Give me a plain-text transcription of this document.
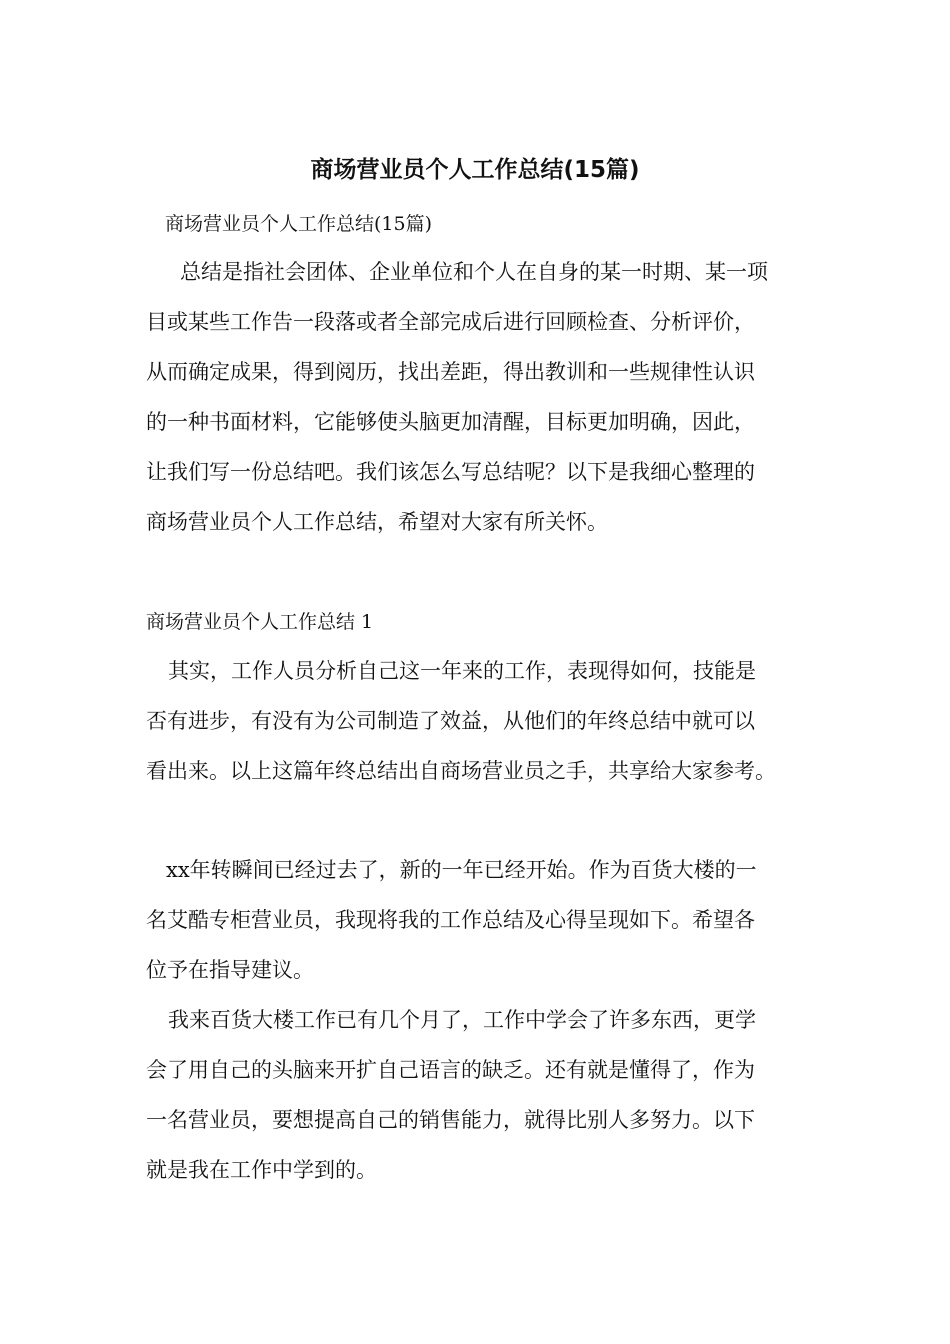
商场营业员个人工作总结(15篇)

商场营业员个人工作总结(15篇)

总结是指社会团体、企业单位和个人在自身的某一时期、某一项
目或某些工作告一段落或者全部完成后进行回顾检查、分析评价，
从而确定成果，得到阅历，找出差距，得出教训和一些规律性认识
的一种书面材料，它能够使头脑更加清醒，目标更加明确，因此，
让我们写一份总结吧。我们该怎么写总结呢？以下是我细心整理的
商场营业员个人工作总结，希望对大家有所关怀。

商场营业员个人工作总结 1

其实，工作人员分析自己这一年来的工作，表现得如何，技能是
否有进步，有没有为公司制造了效益，从他们的年终总结中就可以
看出来。以上这篇年终总结出自商场营业员之手，共享给大家参考。
xx年转瞬间已经过去了，新的一年已经开始。作为百货大楼的一
名艾酷专柜营业员，我现将我的工作总结及心得呈现如下。希望各
位予在指导建议。
我来百货大楼工作已有几个月了，工作中学会了许多东西，更学
会了用自己的头脑来开扩自己语言的缺乏。还有就是懂得了，作为
一名营业员，要想提高自己的销售能力，就得比别人多努力。以下
就是我在工作中学到的。
